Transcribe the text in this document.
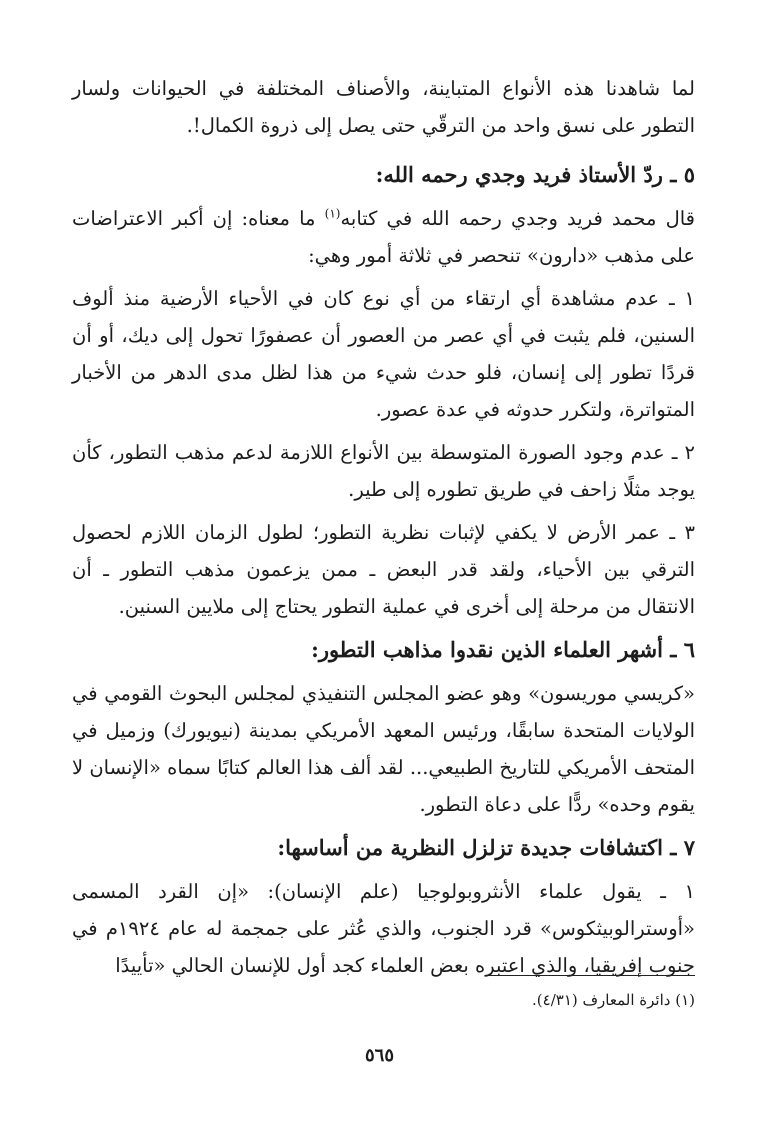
لما شاهدنا هذه الأنواع المتباينة، والأصناف المختلفة في الحيوانات ولسار التطور على نسق واحد من الترقّي حتى يصل إلى ذروة الكمال!.

٥ ـ ردّ الأستاذ فريد وجدي رحمه الله:

قال محمد فريد وجدي رحمه الله في كتابه$^{(١)}$ ما معناه: إن أكبر الاعتراضات على مذهب «دارون» تنحصر في ثلاثة أمور وهي:

١ ـ عدم مشاهدة أي ارتقاء من أي نوع كان في الأحياء الأرضية منذ ألوف السنين، فلم يثبت في أي عصر من العصور أن عصفورًا تحول إلى ديك، أو أن قردًا تطور إلى إنسان، فلو حدث شيء من هذا لظل مدى الدهر من الأخبار المتواترة، ولتكرر حدوثه في عدة عصور.

٢ ـ عدم وجود الصورة المتوسطة بين الأنواع اللازمة لدعم مذهب التطور، كأن يوجد مثلًا زاحف في طريق تطوره إلى طير.

٣ ـ عمر الأرض لا يكفي لإثبات نظرية التطور؛ لطول الزمان اللازم لحصول الترقي بين الأحياء، ولقد قدر البعض ـ ممن يزعمون مذهب التطور ـ أن الانتقال من مرحلة إلى أخرى في عملية التطور يحتاج إلى ملايين السنين.

٦ ـ أشهر العلماء الذين نقدوا مذاهب التطور:

«كريسي موريسون» وهو عضو المجلس التنفيذي لمجلس البحوث القومي في الولايات المتحدة سابقًا، ورئيس المعهد الأمريكي بمدينة (نيويورك) وزميل في المتحف الأمريكي للتاريخ الطبيعي... لقد ألف هذا العالم كتابًا سماه «الإنسان لا يقوم وحده» ردًّا على دعاة التطور.

٧ ـ اكتشافات جديدة تزلزل النظرية من أساسها:

١ ـ يقول علماء الأنثروبولوجيا (علم الإنسان): «إن القرد المسمى «أوسترالوبيثكوس» قرد الجنوب، والذي عُثر على جمجمة له عام ١٩٢٤م في جنوب إفريقيا، والذي اعتبره بعض العلماء كجد أول للإنسان الحالي «تأييدًا

(١) دائرة المعارف (٤/٣١).
٥٦٥
